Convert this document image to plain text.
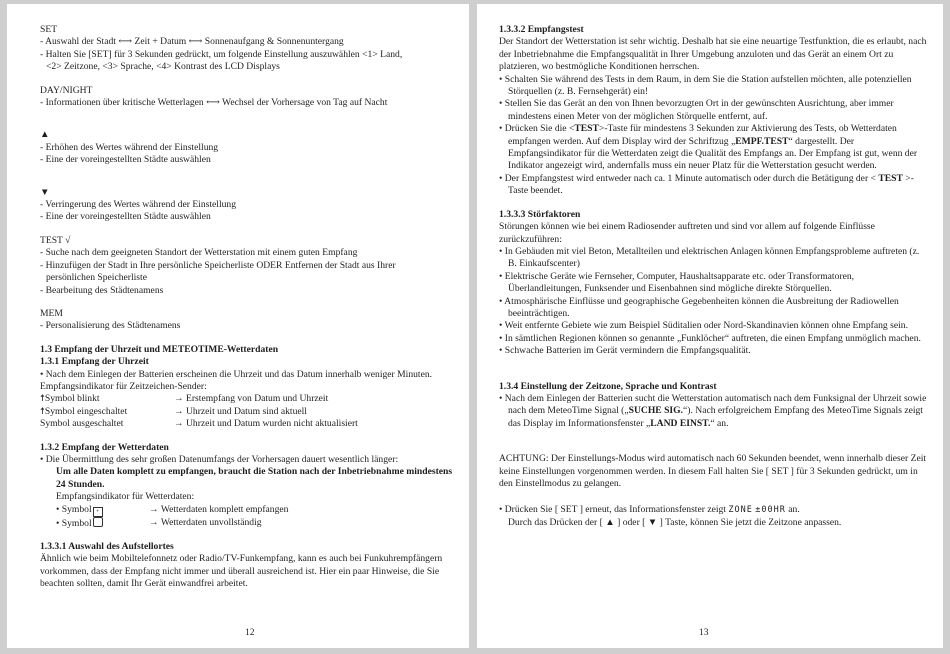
SET
- Auswahl der Stadt ⟷ Zeit + Datum ⟷ Sonnenaufgang & Sonnenuntergang
- Halten Sie [SET] für 3 Sekunden gedrückt, um folgende Einstellung auszuwählen <1> Land,
<2> Zeitzone, <3> Sprache, <4> Kontrast des LCD Displays
DAY/NIGHT
- Informationen über kritische Wetterlagen ⟷ Wechsel der Vorhersage von Tag auf Nacht
▲
- Erhöhen des Wertes während der Einstellung
- Eine der voreingestellten Städte auswählen
▼
- Verringerung des Wertes während der Einstellung
- Eine der voreingestellten Städte auswählen
TEST √
- Suche nach dem geeigneten Standort der Wetterstation mit einem guten Empfang
- Hinzufügen der Stadt in Ihre persönliche Speicherliste ODER Entfernen der Stadt aus Ihrer
persönlichen Speicherliste
- Bearbeitung des Städtenamens
MEM
- Personalisierung des Städtenamens
1.3 Empfang der Uhrzeit und METEOTIME-Wetterdaten
1.3.1 Empfang der Uhrzeit
• Nach dem Einlegen der Batterien erscheinen die Uhrzeit und das Datum innerhalb weniger Minuten.
Empfangsindikator für Zeitzeichen-Sender:
☨Symbol blinkt	→ Erstempfang von Datum und Uhrzeit
☨Symbol eingeschaltet	→ Uhrzeit und Datum sind aktuell
Symbol ausgeschaltet	→ Uhrzeit und Datum wurden nicht aktualisiert
1.3.2 Empfang der Wetterdaten
• Die Übermittlung des sehr großen Datenumfangs der Vorhersagen dauert wesentlich länger:
Um alle Daten komplett zu empfangen, braucht die Station nach der Inbetriebnahme mindestens 24 Stunden.
Empfangsindikator für Wetterdaten:
• Symbol +	→ Wetterdaten komplett empfangen
• Symbol	→ Wetterdaten unvollständig
1.3.3.1 Auswahl des Aufstellortes
Ähnlich wie beim Mobiltelefonnetz oder Radio/TV-Funkempfang, kann es auch bei Funkuhrempfängern vorkommen, dass der Empfang nicht immer und überall ausreichend ist. Hier ein paar Hinweise, die Sie beachten sollten, damit Ihr Gerät einwandfrei arbeitet.
12
1.3.3.2 Empfangstest
Der Standort der Wetterstation ist sehr wichtig. Deshalb hat sie eine neuartige Testfunktion, die es erlaubt, nach der Inbetriebnahme die Empfangsqualität in Ihrer Umgebung anzuloten und das Gerät an einem Ort zu platzieren, wo bestmögliche Konditionen herrschen.
• Schalten Sie während des Tests in dem Raum, in dem Sie die Station aufstellen möchten, alle potenziellen Störquellen (z. B. Fernsehgerät) ein!
• Stellen Sie das Gerät an den von Ihnen bevorzugten Ort in der gewünschten Ausrichtung, aber immer mindestens einen Meter von der möglichen Störquelle entfernt, auf.
• Drücken Sie die <TEST>-Taste für mindestens 3 Sekunden zur Aktivierung des Tests, ob Wetterdaten empfangen werden. Auf dem Display wird der Schriftzug „EMPF.TEST“ dargestellt. Der Empfangsindikator für die Wetterdaten zeigt die Qualität des Empfangs an. Der Empfang ist gut, wenn der Indikator angezeigt wird, andernfalls muss ein neuer Platz für die Wetterstation gesucht werden.
• Der Empfangstest wird entweder nach ca. 1 Minute automatisch oder durch die Betätigung der < TEST >-Taste beendet.
1.3.3.3 Störfaktoren
Störungen können wie bei einem Radiosender auftreten und sind vor allem auf folgende Einflüsse zurückzuführen:
• In Gebäuden mit viel Beton, Metallteilen und elektrischen Anlagen können Empfangsprobleme auftreten (z. B. Einkaufscenter)
• Elektrische Geräte wie Fernseher, Computer, Haushaltsapparate etc. oder Transformatoren, Überlandleitungen, Funksender und Eisenbahnen sind mögliche direkte Störquellen.
• Atmosphärische Einflüsse und geographische Gegebenheiten können die Ausbreitung der Radiowellen beeinträchtigen.
• Weit entfernte Gebiete wie zum Beispiel Süditalien oder Nord-Skandinavien können ohne Empfang sein.
• In sämtlichen Regionen können so genannte „Funklöcher“ auftreten, die einen Empfang unmöglich machen.
• Schwache Batterien im Gerät vermindern die Empfangsqualität.
1.3.4 Einstellung der Zeitzone, Sprache und Kontrast
• Nach dem Einlegen der Batterien sucht die Wetterstation automatisch nach dem Funksignal der Uhrzeit sowie nach dem MeteoTime Signal („SUCHE SIG.“). Nach erfolgreichem Empfang des MeteoTime Signals zeigt das Display im Informationsfenster „LAND EINST.“ an.
ACHTUNG: Der Einstellungs-Modus wird automatisch nach 60 Sekunden beendet, wenn innerhalb dieser Zeit keine Einstellungen vorgenommen werden. In diesem Fall halten Sie [ SET ] für 3 Sekunden gedrückt, um in den Einstellmodus zu gelangen.
• Drücken Sie [ SET ] erneut, das Informationsfenster zeigt ZONE ±00HR an.
Durch das Drücken der [ ▲ ] oder [ ▼ ] Taste, können Sie jetzt die Zeitzone anpassen.
13
